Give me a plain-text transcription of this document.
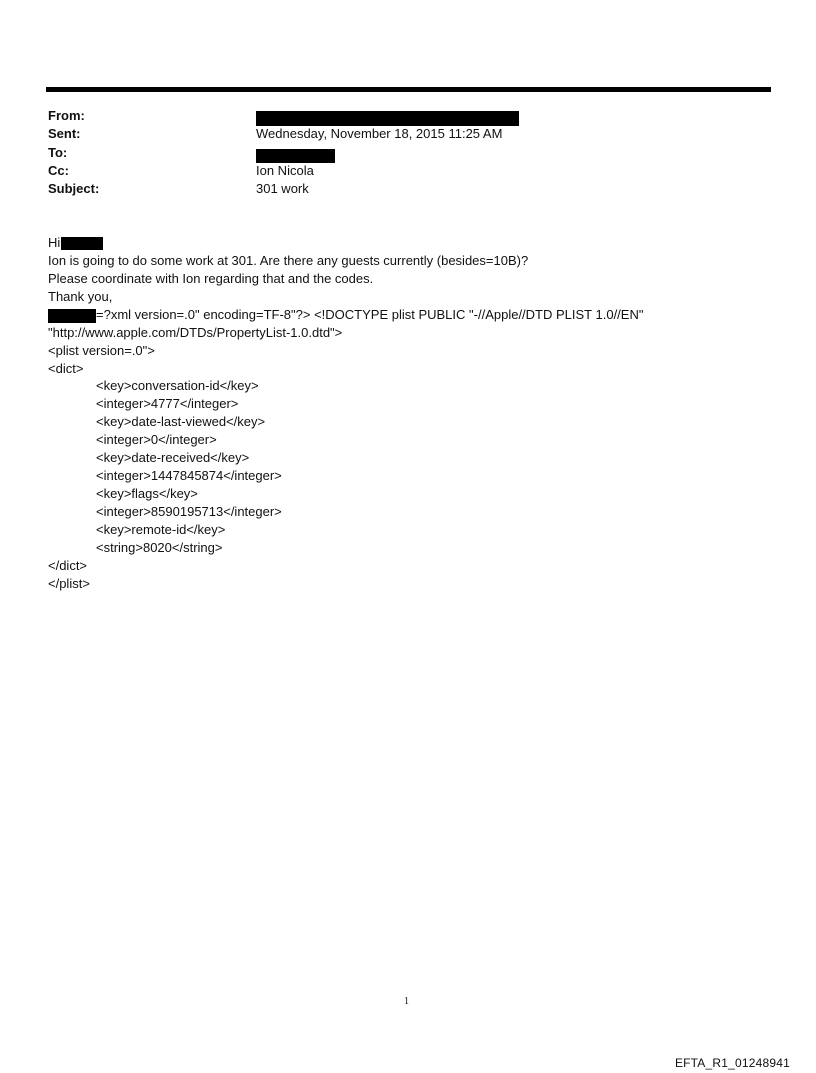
From:
Sent:	Wednesday, November 18, 2015 11:25 AM
To:
Cc:	Ion Nicola
Subject:	301 work
Hi
Ion is going to do some work at 301. Are there any guests currently (besides=10B)?
Please coordinate with Ion regarding that and the codes.
Thank you,
=?xml version=.0" encoding=TF-8"?> <!DOCTYPE plist PUBLIC "-//Apple//DTD PLIST 1.0//EN"
"http://www.apple.com/DTDs/PropertyList-1.0.dtd">
<plist version=.0">
<dict>
<key>conversation-id</key>
<integer>4777</integer>
<key>date-last-viewed</key>
<integer>0</integer>
<key>date-received</key>
<integer>1447845874</integer>
<key>flags</key>
<integer>8590195713</integer>
<key>remote-id</key>
<string>8020</string>
</dict>
</plist>
1
EFTA_R1_01248941
